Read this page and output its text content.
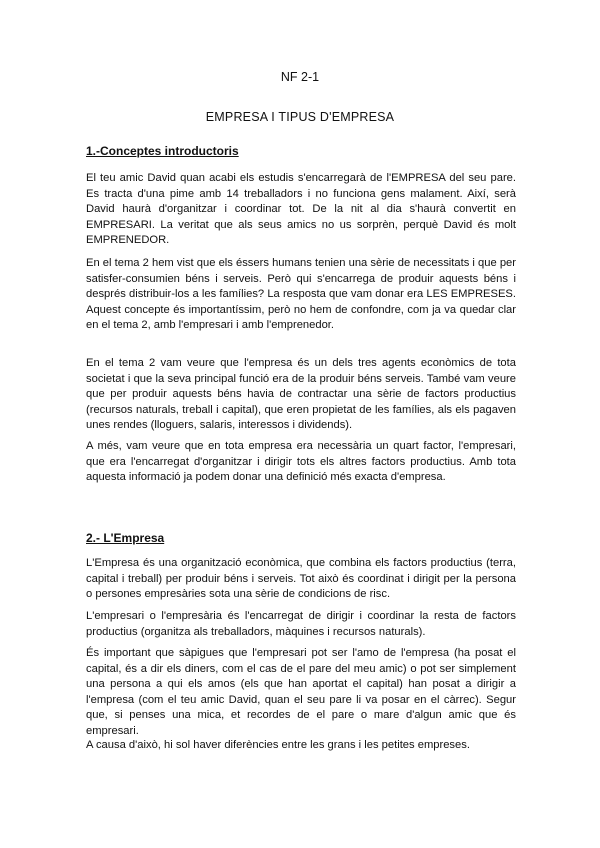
NF 2-1
EMPRESA I TIPUS D'EMPRESA
1.-Conceptes introductoris

El teu amic David quan acabi els estudis s'encarregarà de l'EMPRESA del seu pare. Es tracta d'una pime amb 14 treballadors i no funciona gens malament. Així, serà David haurà d'organitzar i coordinar tot. De la nit al dia s'haurà convertit en EMPRESARI. La veritat que als seus amics no us sorprèn, perquè David és molt EMPRENEDOR.

En el tema 2 hem vist que els éssers humans tenien una sèrie de necessitats i que per satisfer-consumien béns i serveis. Però qui s'encarrega de produir aquests béns i després distribuir-los a les famílies? La resposta que vam donar era LES EMPRESES. Aquest concepte és importantíssim, però no hem de confondre, com ja va quedar clar en el tema 2, amb l'empresari i amb l'emprenedor.

En el tema 2 vam veure que l'empresa és un dels tres agents econòmics de tota societat i que la seva principal funció era de la produir béns serveis. També vam veure que per produir aquests béns havia de contractar una sèrie de factors productius (recursos naturals, treball i capital), que eren propietat de les famílies, als els pagaven unes rendes (lloguers, salaris, interessos i dividends).

A més, vam veure que en tota empresa era necessària un quart factor, l'empresari, que era l'encarregat d'organitzar i dirigir tots els altres factors productius. Amb tota aquesta informació ja podem donar una definició més exacta d'empresa.

2.- L'Empresa

L'Empresa és una organització econòmica, que combina els factors productius (terra, capital i treball) per produir béns i serveis. Tot això és coordinat i dirigit per la persona o persones empresàries sota una sèrie de condicions de risc.

L'empresari o l'empresària és l'encarregat de dirigir i coordinar la resta de factors productius (organitza als treballadors, màquines i recursos naturals).

És important que sàpigues que l'empresari pot ser l'amo de l'empresa (ha posat el capital, és a dir els diners, com el cas de el pare del meu amic) o pot ser simplement una persona a qui els amos (els que han aportat el capital) han posat a dirigir a l'empresa (com el teu amic David, quan el seu pare li va posar en el càrrec). Segur que, si penses una mica, et recordes de el pare o mare d'algun amic que és empresari.

A causa d'això, hi sol haver diferències entre les grans i les petites empreses.
